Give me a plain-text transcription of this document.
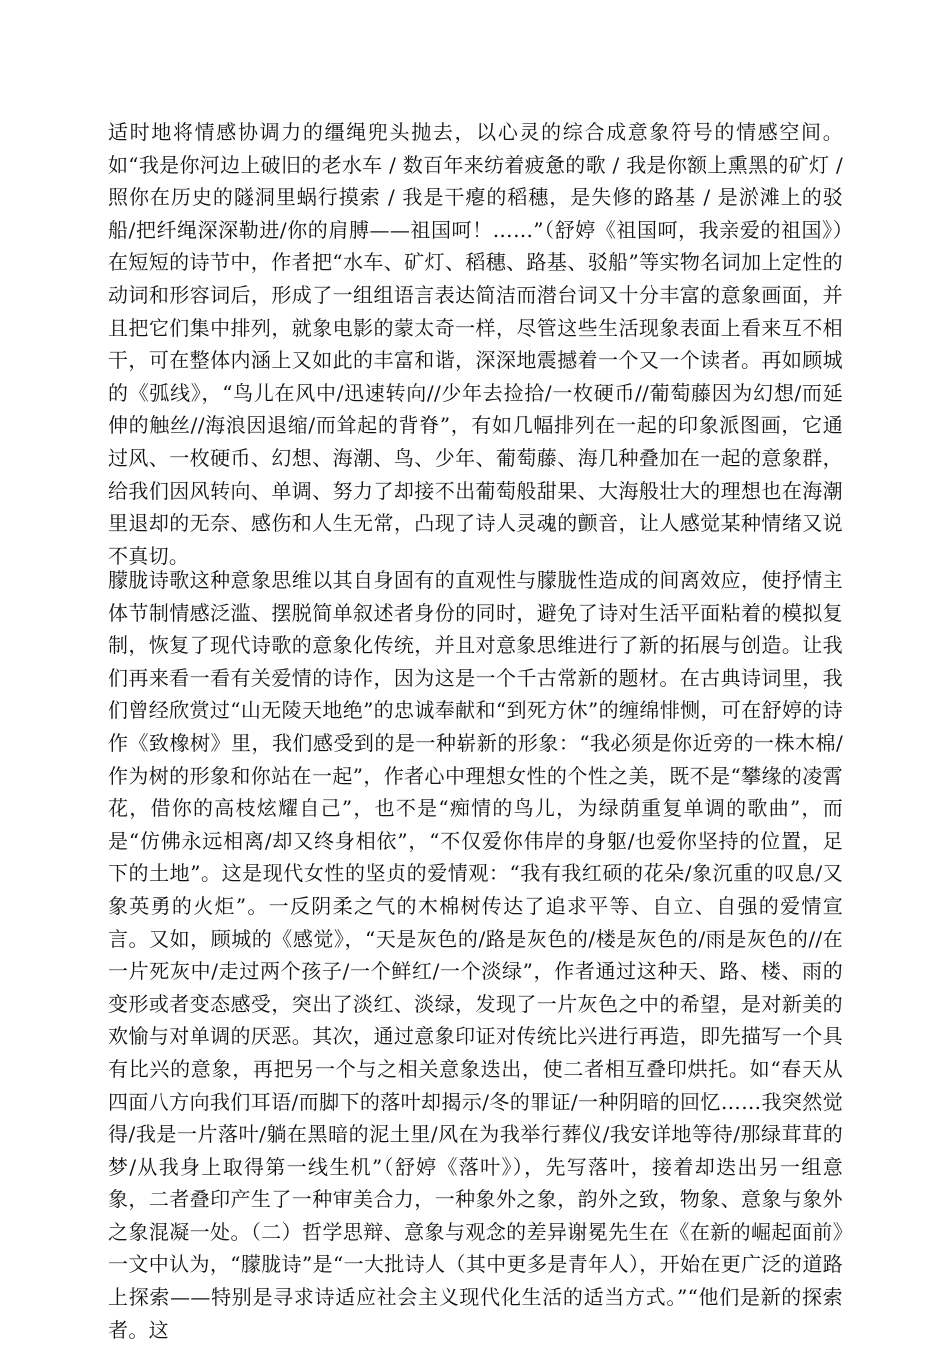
适时地将情感协调力的缰绳兜头抛去，以心灵的综合成意象符号的情感空间。如“我是你河边上破旧的老水车 / 数百年来纺着疲惫的歌 / 我是你额上熏黑的矿灯 / 照你在历史的隧洞里蜗行摸索 / 我是干瘪的稻穗，是失修的路基 / 是淤滩上的驳船/把纤绳深深勒进/你的肩膊——祖国呵！……”（舒婷《祖国呵，我亲爱的祖国》）在短短的诗节中，作者把“水车、矿灯、稻穗、路基、驳船”等实物名词加上定性的动词和形容词后，形成了一组组语言表达简洁而潜台词又十分丰富的意象画面，并且把它们集中排列，就象电影的蒙太奇一样，尽管这些生活现象表面上看来互不相干，可在整体内涵上又如此的丰富和谐，深深地震撼着一个又一个读者。再如顾城的《弧线》，“鸟儿在风中/迅速转向//少年去捡拾/一枚硬币//葡萄藤因为幻想/而延伸的触丝//海浪因退缩/而耸起的背脊”，有如几幅排列在一起的印象派图画，它通过风、一枚硬币、幻想、海潮、鸟、少年、葡萄藤、海几种叠加在一起的意象群，给我们因风转向、单调、努力了却接不出葡萄般甜果、大海般壮大的理想也在海潮里退却的无奈、感伤和人生无常，凸现了诗人灵魂的颤音，让人感觉某种情绪又说不真切。

朦胧诗歌这种意象思维以其自身固有的直观性与朦胧性造成的间离效应，使抒情主体节制情感泛滥、摆脱简单叙述者身份的同时，避免了诗对生活平面粘着的模拟复制，恢复了现代诗歌的意象化传统，并且对意象思维进行了新的拓展与创造。让我们再来看一看有关爱情的诗作，因为这是一个千古常新的题材。在古典诗词里，我们曾经欣赏过“山无陵天地绝”的忠诚奉献和“到死方休”的缠绵悱恻，可在舒婷的诗作《致橡树》里，我们感受到的是一种崭新的形象：“我必须是你近旁的一株木棉/作为树的形象和你站在一起”，作者心中理想女性的个性之美，既不是“攀缘的凌霄花，借你的高枝炫耀自己”，也不是“痴情的鸟儿，为绿荫重复单调的歌曲”，而是“仿佛永远相离/却又终身相依”，“不仅爱你伟岸的身躯/也爱你坚持的位置，足下的土地”。这是现代女性的坚贞的爱情观：“我有我红硕的花朵/象沉重的叹息/又象英勇的火炬”。一反阴柔之气的木棉树传达了追求平等、自立、自强的爱情宣言。又如，顾城的《感觉》，“天是灰色的/路是灰色的/楼是灰色的/雨是灰色的//在一片死灰中/走过两个孩子/一个鲜红/一个淡绿”，作者通过这种天、路、楼、雨的变形或者变态感受，突出了淡红、淡绿，发现了一片灰色之中的希望，是对新美的欢愉与对单调的厌恶。其次，通过意象印证对传统比兴进行再造，即先描写一个具有比兴的意象，再把另一个与之相关意象迭出，使二者相互叠印烘托。如“春天从四面八方向我们耳语/而脚下的落叶却揭示/冬的罪证/一种阴暗的回忆……我突然觉得/我是一片落叶/躺在黑暗的泥土里/风在为我举行葬仪/我安详地等待/那绿茸茸的梦/从我身上取得第一线生机”（舒婷《落叶》），先写落叶，接着却迭出另一组意象，二者叠印产生了一种审美合力，一种象外之象，韵外之致，物象、意象与象外之象混凝一处。（二）哲学思辩、意象与观念的差异谢冕先生在《在新的崛起面前》一文中认为，“朦胧诗”是“一大批诗人（其中更多是青年人），开始在更广泛的道路上探索——特别是寻求诗适应社会主义现代化生活的适当方式。”“他们是新的探索者。这
